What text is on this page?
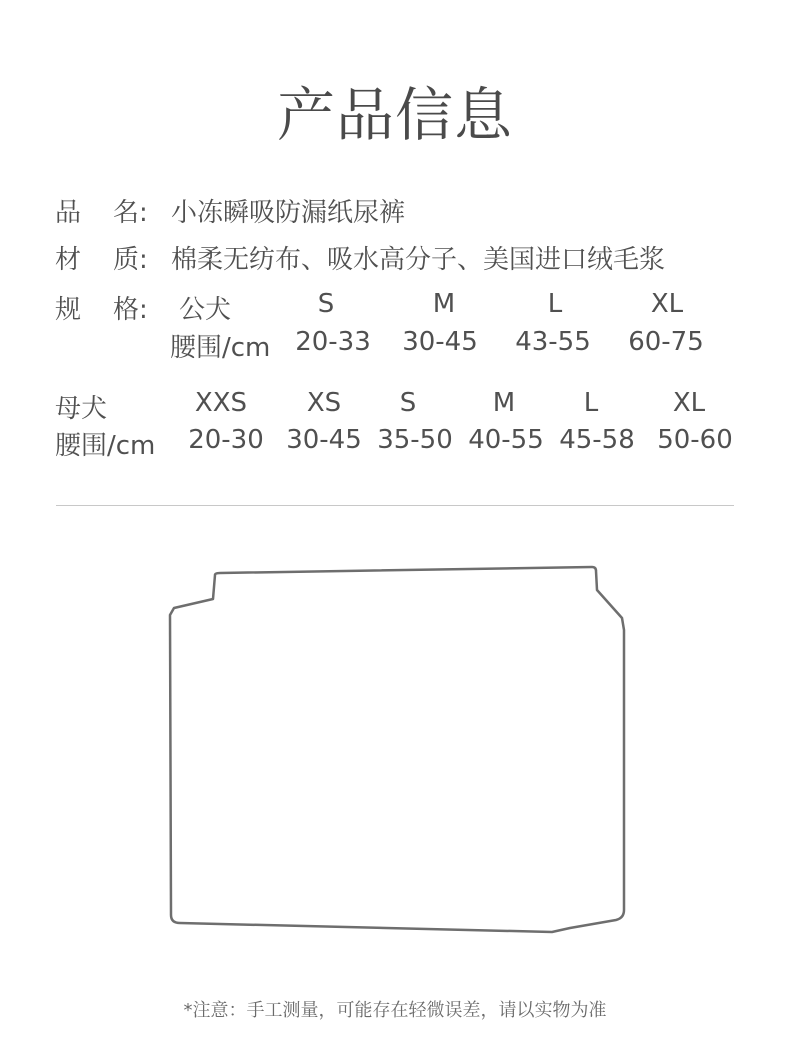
产品信息
品 名: 小冻瞬吸防漏纸尿裤
材 质: 棉柔无纺布、吸水高分子、美国进口绒毛浆
规 格: 公犬	S	M	L	XL
腰围/cm 20-33 30-45 43-55 60-75
母犬	XXS XS S	M	L	XL
腰围/cm 20-30 30-45 35-50 40-55 45-58 50-60
*注意：手工测量，可能存在轻微误差，请以实物为准
